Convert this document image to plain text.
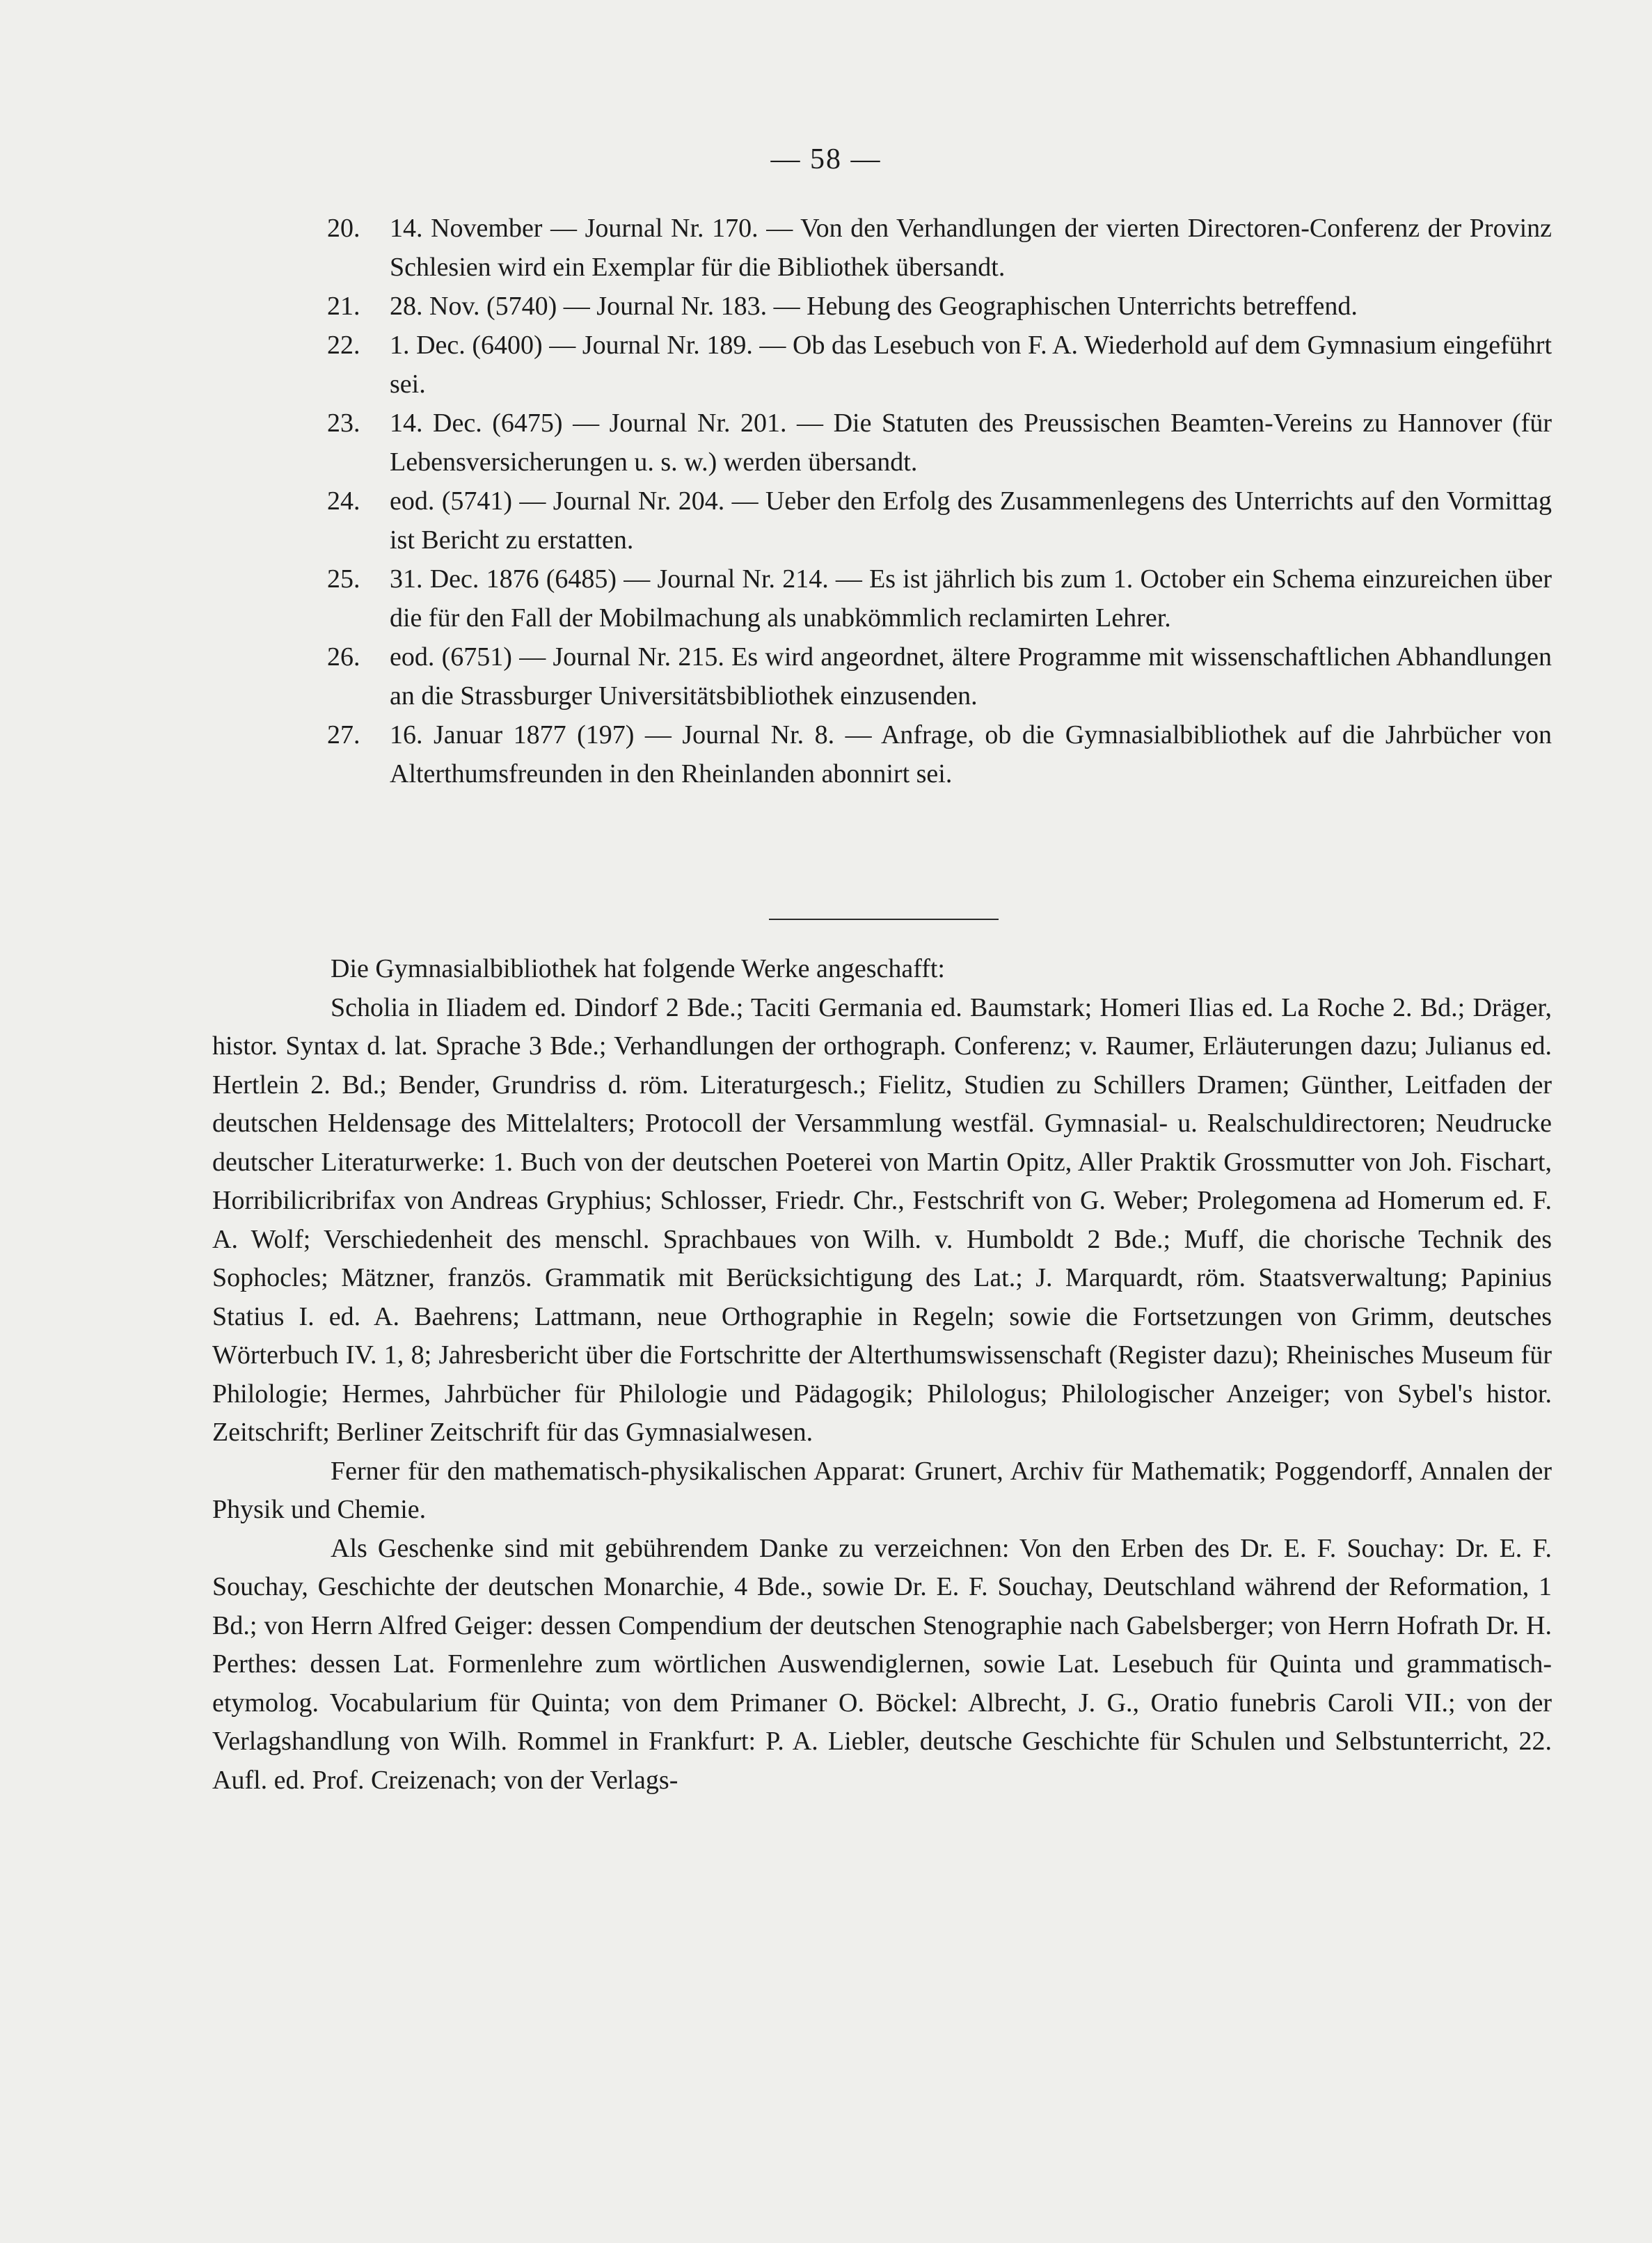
— 58 —
20. 14. November — Journal Nr. 170. — Von den Verhandlungen der vierten Directoren-Conferenz der Provinz Schlesien wird ein Exemplar für die Bibliothek übersandt.
21. 28. Nov. (5740) — Journal Nr. 183. — Hebung des Geographischen Unterrichts betreffend.
22. 1. Dec. (6400) — Journal Nr. 189. — Ob das Lesebuch von F. A. Wiederhold auf dem Gymnasium eingeführt sei.
23. 14. Dec. (6475) — Journal Nr. 201. — Die Statuten des Preussischen Beamten-Vereins zu Hannover (für Lebensversicherungen u. s. w.) werden übersandt.
24. eod. (5741) — Journal Nr. 204. — Ueber den Erfolg des Zusammenlegens des Unterrichts auf den Vormittag ist Bericht zu erstatten.
25. 31. Dec. 1876 (6485) — Journal Nr. 214. — Es ist jährlich bis zum 1. October ein Schema einzureichen über die für den Fall der Mobilmachung als unabkömmlich reclamirten Lehrer.
26. eod. (6751) — Journal Nr. 215. Es wird angeordnet, ältere Programme mit wissenschaftlichen Abhandlungen an die Strassburger Universitätsbibliothek einzusenden.
27. 16. Januar 1877 (197) — Journal Nr. 8. — Anfrage, ob die Gymnasialbibliothek auf die Jahrbücher von Alterthumsfreunden in den Rheinlanden abonnirt sei.

Die Gymnasialbibliothek hat folgende Werke angeschafft:

Scholia in Iliadem ed. Dindorf 2 Bde.; Taciti Germania ed. Baumstark; Homeri Ilias ed. La Roche 2. Bd.; Dräger, histor. Syntax d. lat. Sprache 3 Bde.; Verhandlungen der orthograph. Conferenz; v. Raumer, Erläuterungen dazu; Julianus ed. Hertlein 2. Bd.; Bender, Grundriss d. röm. Literaturgesch.; Fielitz, Studien zu Schillers Dramen; Günther, Leitfaden der deutschen Heldensage des Mittelalters; Protocoll der Versammlung westfäl. Gymnasial- u. Realschuldirectoren; Neudrucke deutscher Literaturwerke: 1. Buch von der deutschen Poeterei von Martin Opitz, Aller Praktik Grossmutter von Joh. Fischart, Horribilicribrifax von Andreas Gryphius; Schlosser, Friedr. Chr., Festschrift von G. Weber; Prolegomena ad Homerum ed. F. A. Wolf; Verschiedenheit des menschl. Sprachbaues von Wilh. v. Humboldt 2 Bde.; Muff, die chorische Technik des Sophocles; Mätzner, französ. Grammatik mit Berücksichtigung des Lat.; J. Marquardt, röm. Staatsverwaltung; Papinius Statius I. ed. A. Baehrens; Lattmann, neue Orthographie in Regeln; sowie die Fortsetzungen von Grimm, deutsches Wörterbuch IV. 1, 8; Jahresbericht über die Fortschritte der Alterthumswissenschaft (Register dazu); Rheinisches Museum für Philologie; Hermes, Jahrbücher für Philologie und Pädagogik; Philologus; Philologischer Anzeiger; von Sybel's histor. Zeitschrift; Berliner Zeitschrift für das Gymnasialwesen.

Ferner für den mathematisch-physikalischen Apparat: Grunert, Archiv für Mathematik; Poggendorff, Annalen der Physik und Chemie.

Als Geschenke sind mit gebührendem Danke zu verzeichnen: Von den Erben des Dr. E. F. Souchay: Dr. E. F. Souchay, Geschichte der deutschen Monarchie, 4 Bde., sowie Dr. E. F. Souchay, Deutschland während der Reformation, 1 Bd.; von Herrn Alfred Geiger: dessen Compendium der deutschen Stenographie nach Gabelsberger; von Herrn Hofrath Dr. H. Perthes: dessen Lat. Formenlehre zum wörtlichen Auswendiglernen, sowie Lat. Lesebuch für Quinta und grammatisch-etymolog. Vocabularium für Quinta; von dem Primaner O. Böckel: Albrecht, J. G., Oratio funebris Caroli VII.; von der Verlagshandlung von Wilh. Rommel in Frankfurt: P. A. Liebler, deutsche Geschichte für Schulen und Selbstunterricht, 22. Aufl. ed. Prof. Creizenach; von der Verlags-
